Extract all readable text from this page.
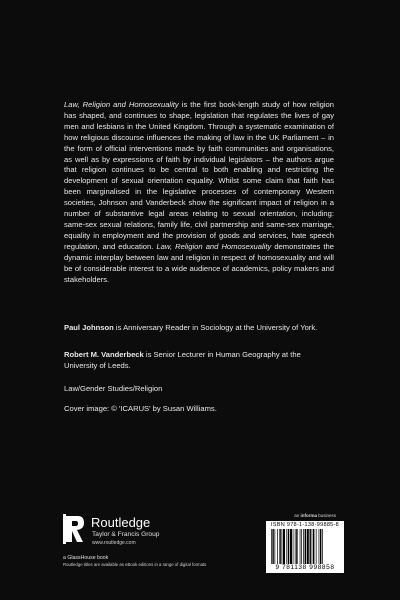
Law, Religion and Homosexuality is the first book-length study of how religion has shaped, and continues to shape, legislation that regulates the lives of gay men and lesbians in the United Kingdom. Through a systematic examination of how religious discourse influences the making of law in the UK Parliament – in the form of official interventions made by faith communities and organisations, as well as by expressions of faith by individual legislators – the authors argue that religion continues to be central to both enabling and restricting the development of sexual orientation equality. Whilst some claim that faith has been marginalised in the legislative processes of contemporary Western societies, Johnson and Vanderbeck show the significant impact of religion in a number of substantive legal areas relating to sexual orientation, including: same-sex sexual relations, family life, civil partnership and same-sex marriage, equality in employment and the provision of goods and services, hate speech regulation, and education. Law, Religion and Homosexuality demonstrates the dynamic interplay between law and religion in respect of homosexuality and will be of considerable interest to a wide audience of academics, policy makers and stakeholders.

Paul Johnson is Anniversary Reader in Sociology at the University of York.

Robert M. Vanderbeck is Senior Lecturer in Human Geography at the University of Leeds.

Law/Gender Studies/Religion

Cover image: © 'ICARUS' by Susan Williams.

an informa business
ISBN 978-1-138-99885-8
9 781138 998858
Routledge
Taylor & Francis Group
www.routledge.com
a GlassHouse book
Routledge titles are available as eBook editions in a range of digital formats
